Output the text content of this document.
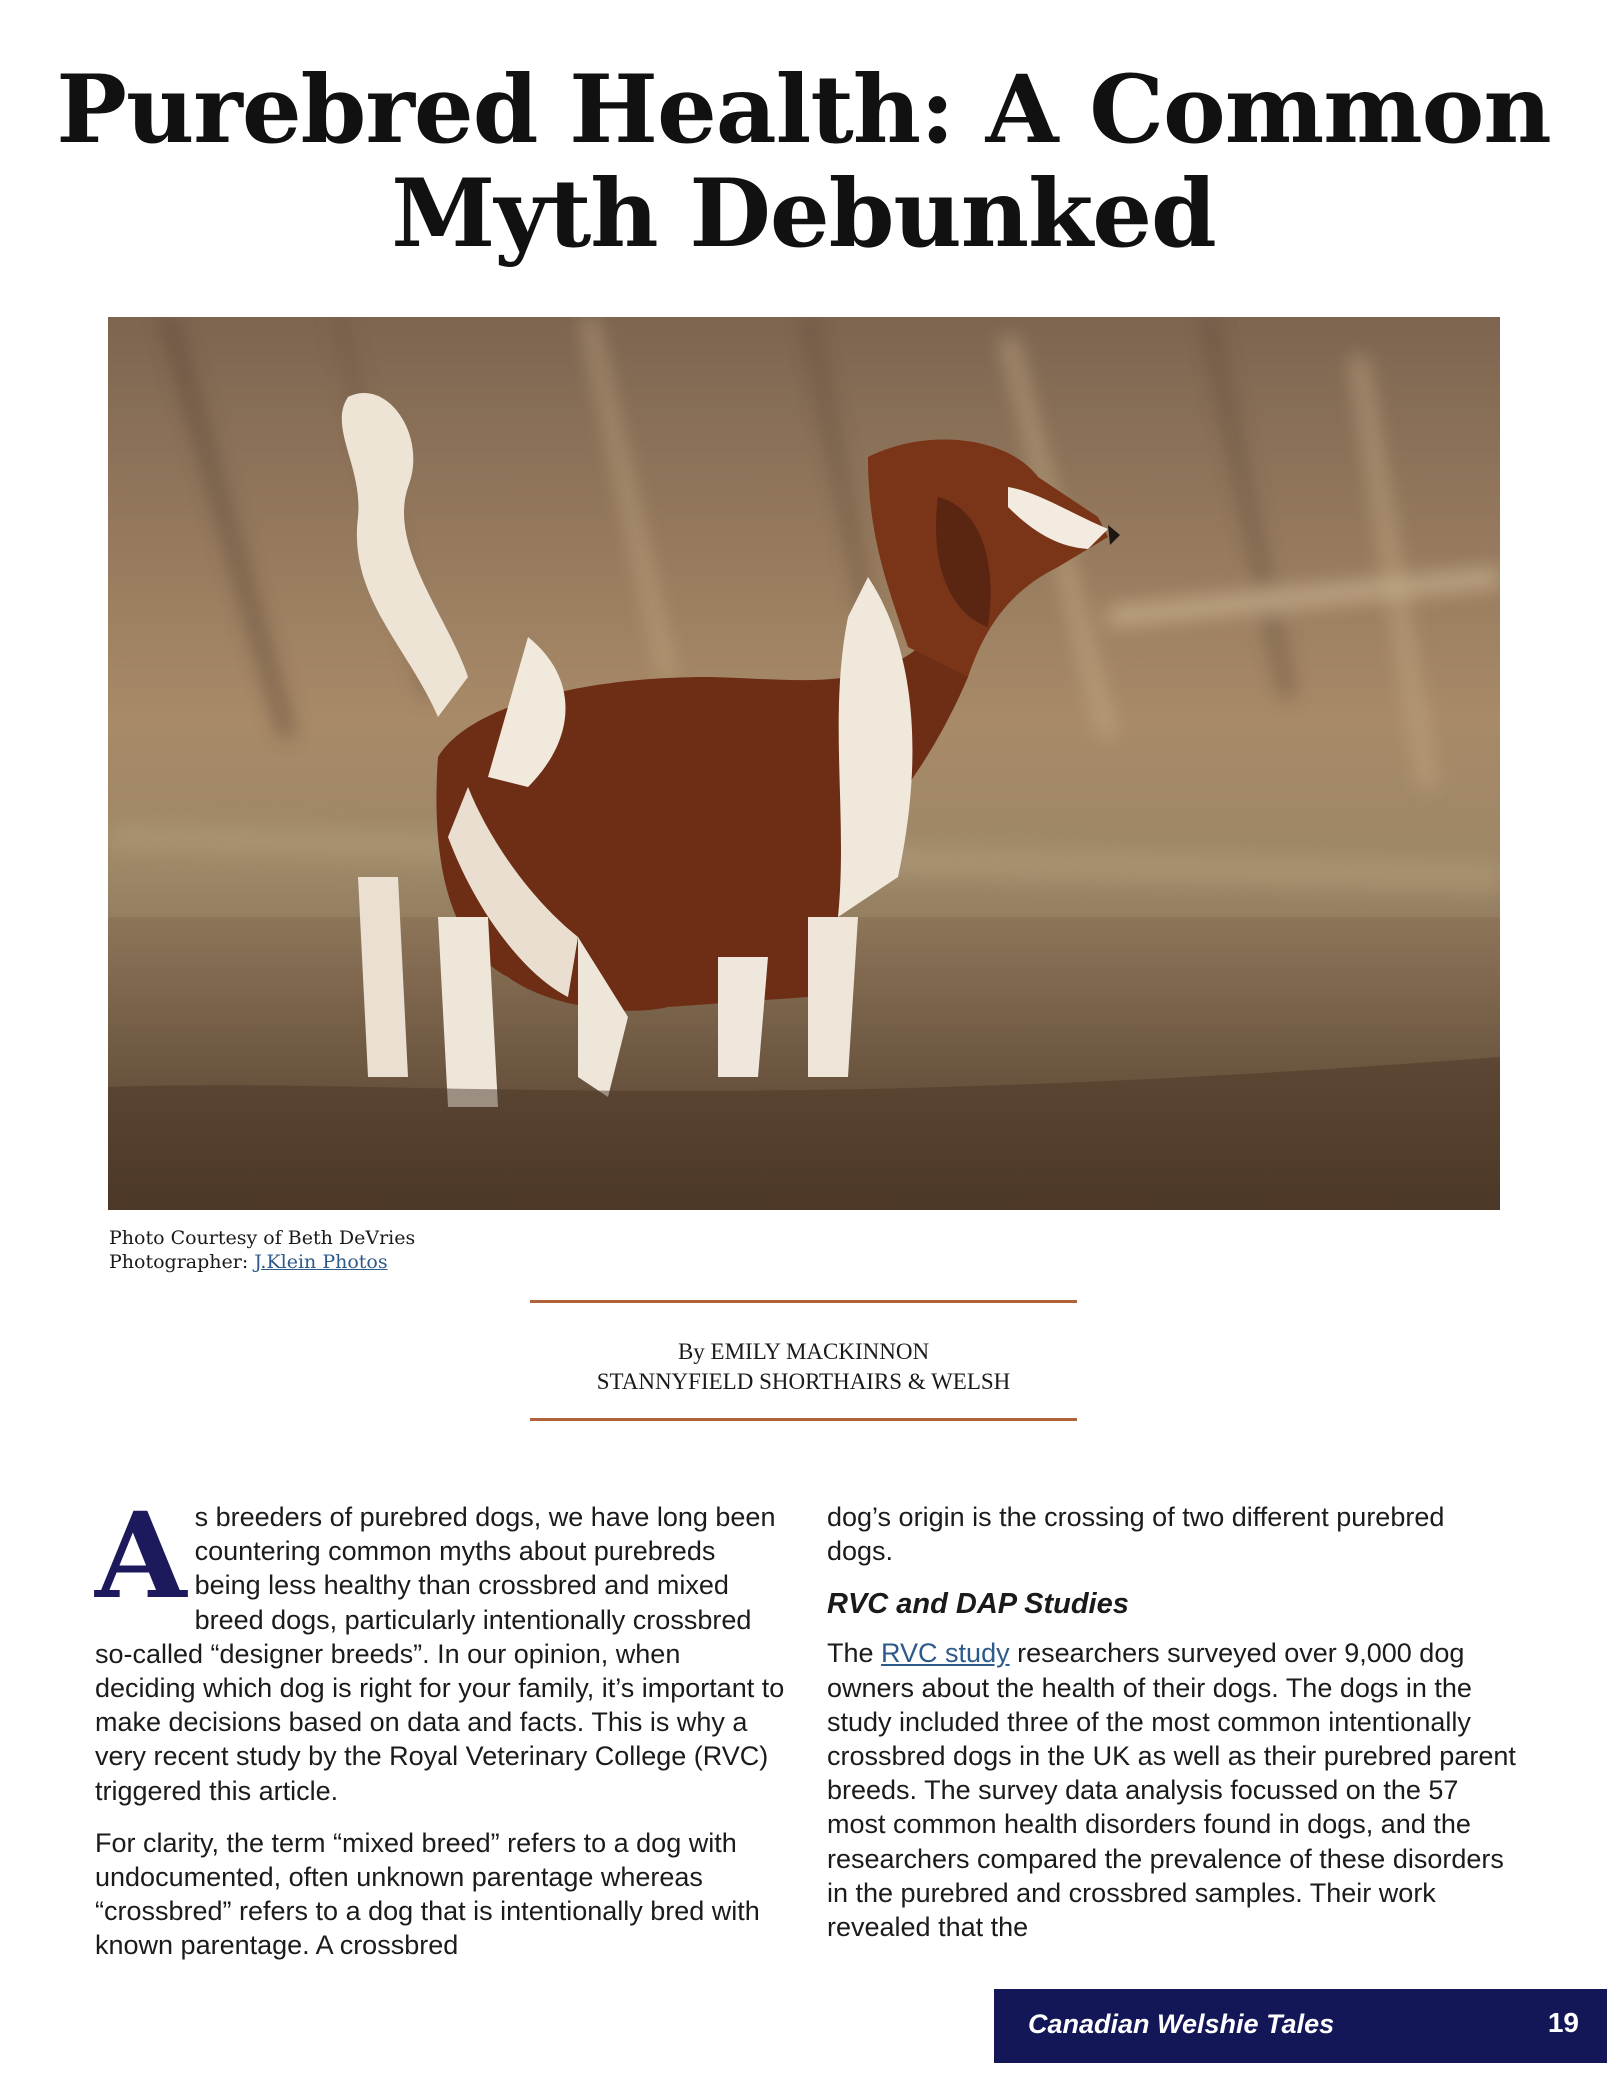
Purebred Health: A Common
Myth Debunked
Photo Courtesy of Beth DeVries
Photographer: J.Klein Photos
By EMILY MACKINNON
STANNYFIELD SHORTHAIRS & WELSH

As breeders of purebred dogs, we have long been countering common myths about purebreds being less healthy than crossbred and mixed breed dogs, particularly intentionally crossbred so-called “designer breeds”. In our opinion, when deciding which dog is right for your family, it’s important to make decisions based on data and facts. This is why a very recent study by the Royal Veterinary College (RVC) triggered this article.

For clarity, the term “mixed breed” refers to a dog with undocumented, often unknown parentage whereas “crossbred” refers to a dog that is intentionally bred with known parentage. A crossbred

dog’s origin is the crossing of two different purebred dogs.

RVC and DAP Studies

The RVC study researchers surveyed over 9,000 dog owners about the health of their dogs. The dogs in the study included three of the most common intentionally crossbred dogs in the UK as well as their purebred parent breeds. The survey data analysis focussed on the 57 most common health disorders found in dogs, and the researchers compared the prevalence of these disorders in the purebred and crossbred samples. Their work revealed that the

Canadian Welshie Tales	19
